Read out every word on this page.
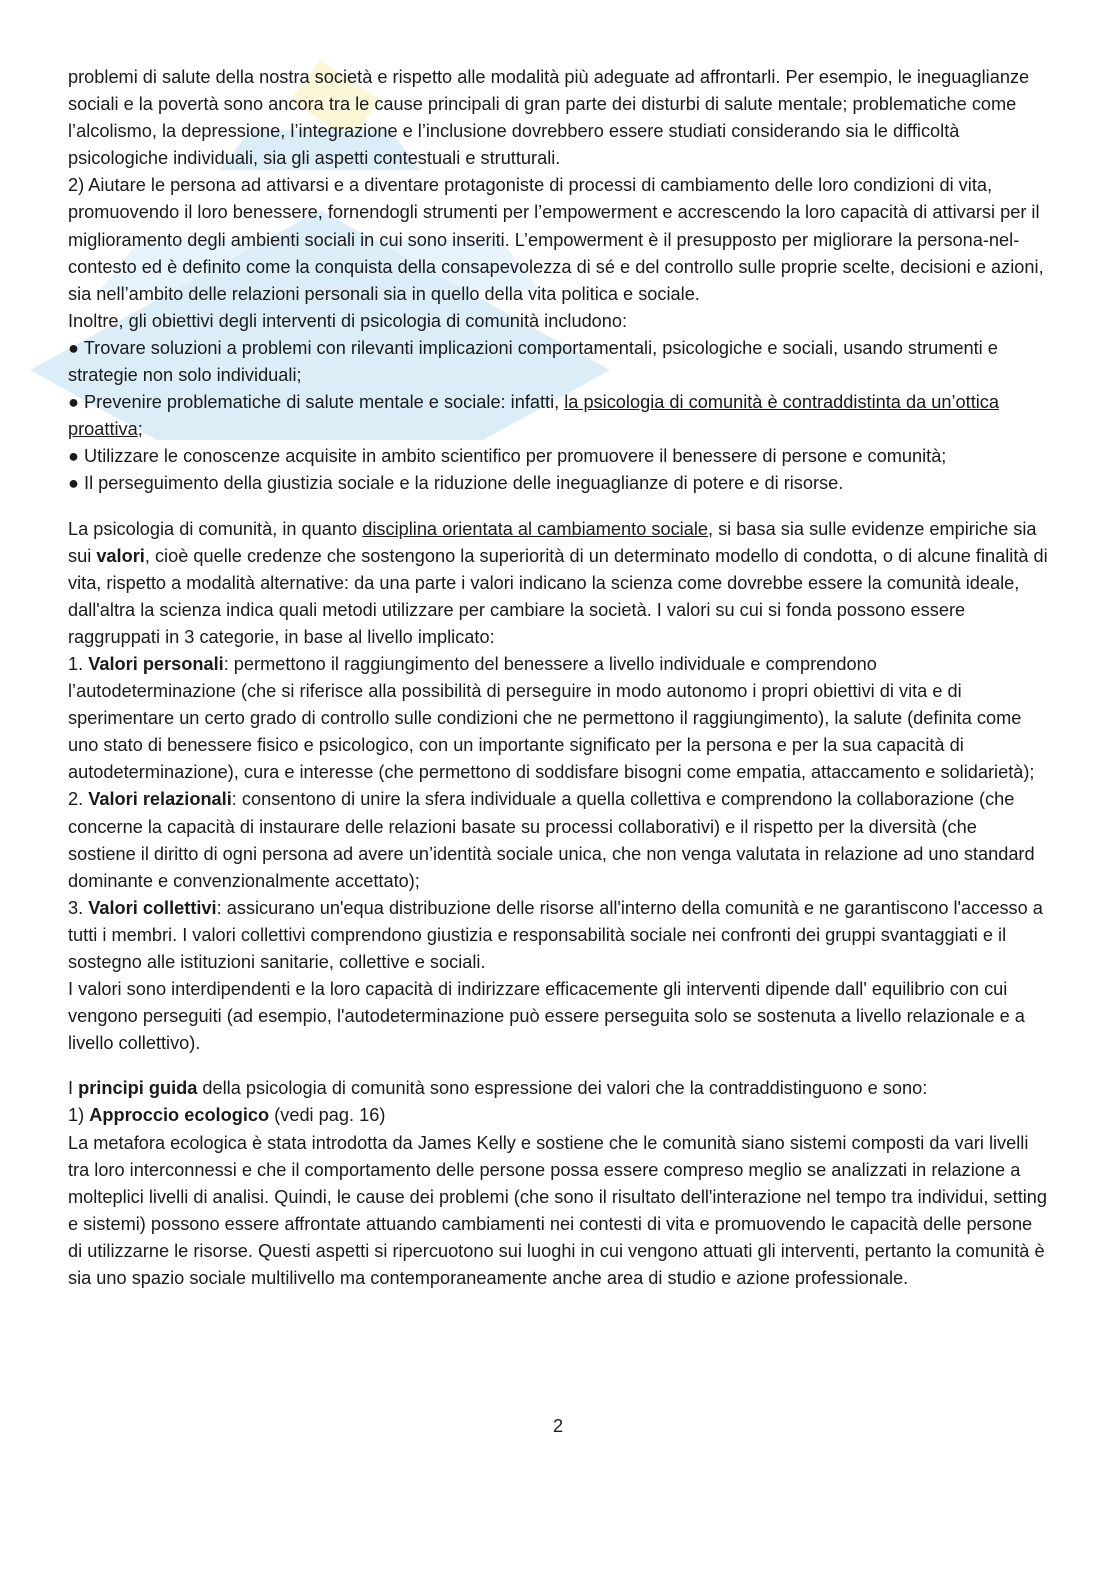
problemi di salute della nostra società e rispetto alle modalità più adeguate ad affrontarli. Per esempio, le ineguaglianze sociali e la povertà sono ancora tra le cause principali di gran parte dei disturbi di salute mentale; problematiche come l’alcolismo, la depressione, l’integrazione e l’inclusione dovrebbero essere studiati considerando sia le difficoltà psicologiche individuali, sia gli aspetti contestuali e strutturali.

2) Aiutare le persona ad attivarsi e a diventare protagoniste di processi di cambiamento delle loro condizioni di vita, promuovendo il loro benessere, fornendogli strumenti per l’empowerment e accrescendo la loro capacità di attivarsi per il miglioramento degli ambienti sociali in cui sono inseriti. L’empowerment è il presupposto per migliorare la persona-nel-contesto ed è definito come la conquista della consapevolezza di sé e del controllo sulle proprie scelte, decisioni e azioni, sia nell’ambito delle relazioni personali sia in quello della vita politica e sociale.

Inoltre, gli obiettivi degli interventi di psicologia di comunità includono:

● Trovare soluzioni a problemi con rilevanti implicazioni comportamentali, psicologiche e sociali, usando strumenti e strategie non solo individuali;

● Prevenire problematiche di salute mentale e sociale: infatti, la psicologia di comunità è contraddistinta da un’ottica proattiva;

● Utilizzare le conoscenze acquisite in ambito scientifico per promuovere il benessere di persone e comunità;

● Il perseguimento della giustizia sociale e la riduzione delle ineguaglianze di potere e di risorse.

La psicologia di comunità, in quanto disciplina orientata al cambiamento sociale, si basa sia sulle evidenze empiriche sia sui valori, cioè quelle credenze che sostengono la superiorità di un determinato modello di condotta, o di alcune finalità di vita, rispetto a modalità alternative: da una parte i valori indicano la scienza come dovrebbe essere la comunità ideale, dall'altra la scienza indica quali metodi utilizzare per cambiare la società. I valori su cui si fonda possono essere raggruppati in 3 categorie, in base al livello implicato:

1. Valori personali: permettono il raggiungimento del benessere a livello individuale e comprendono l’autodeterminazione (che si riferisce alla possibilità di perseguire in modo autonomo i propri obiettivi di vita e di sperimentare un certo grado di controllo sulle condizioni che ne permettono il raggiungimento), la salute (definita come uno stato di benessere fisico e psicologico, con un importante significato per la persona e per la sua capacità di autodeterminazione), cura e interesse (che permettono di soddisfare bisogni come empatia, attaccamento e solidarietà);

2. Valori relazionali: consentono di unire la sfera individuale a quella collettiva e comprendono la collaborazione (che concerne la capacità di instaurare delle relazioni basate su processi collaborativi) e il rispetto per la diversità (che sostiene il diritto di ogni persona ad avere un’identità sociale unica, che non venga valutata in relazione ad uno standard dominante e convenzionalmente accettato);

3. Valori collettivi: assicurano un'equa distribuzione delle risorse all'interno della comunità e ne garantiscono l'accesso a tutti i membri. I valori collettivi comprendono giustizia e responsabilità sociale nei confronti dei gruppi svantaggiati e il sostegno alle istituzioni sanitarie, collettive e sociali.

I valori sono interdipendenti e la loro capacità di indirizzare efficacemente gli interventi dipende dall' equilibrio con cui vengono perseguiti (ad esempio, l'autodeterminazione può essere perseguita solo se sostenuta a livello relazionale e a livello collettivo).

I principi guida della psicologia di comunità sono espressione dei valori che la contraddistinguono e sono:

1) Approccio ecologico (vedi pag. 16)

La metafora ecologica è stata introdotta da James Kelly e sostiene che le comunità siano sistemi composti da vari livelli tra loro interconnessi e che il comportamento delle persone possa essere compreso meglio se analizzati in relazione a molteplici livelli di analisi. Quindi, le cause dei problemi (che sono il risultato dell'interazione nel tempo tra individui, setting e sistemi) possono essere affrontate attuando cambiamenti nei contesti di vita e promuovendo le capacità delle persone di utilizzarne le risorse. Questi aspetti si ripercuotono sui luoghi in cui vengono attuati gli interventi, pertanto la comunità è sia uno spazio sociale multilivello ma contemporaneamente anche area di studio e azione professionale.

2
